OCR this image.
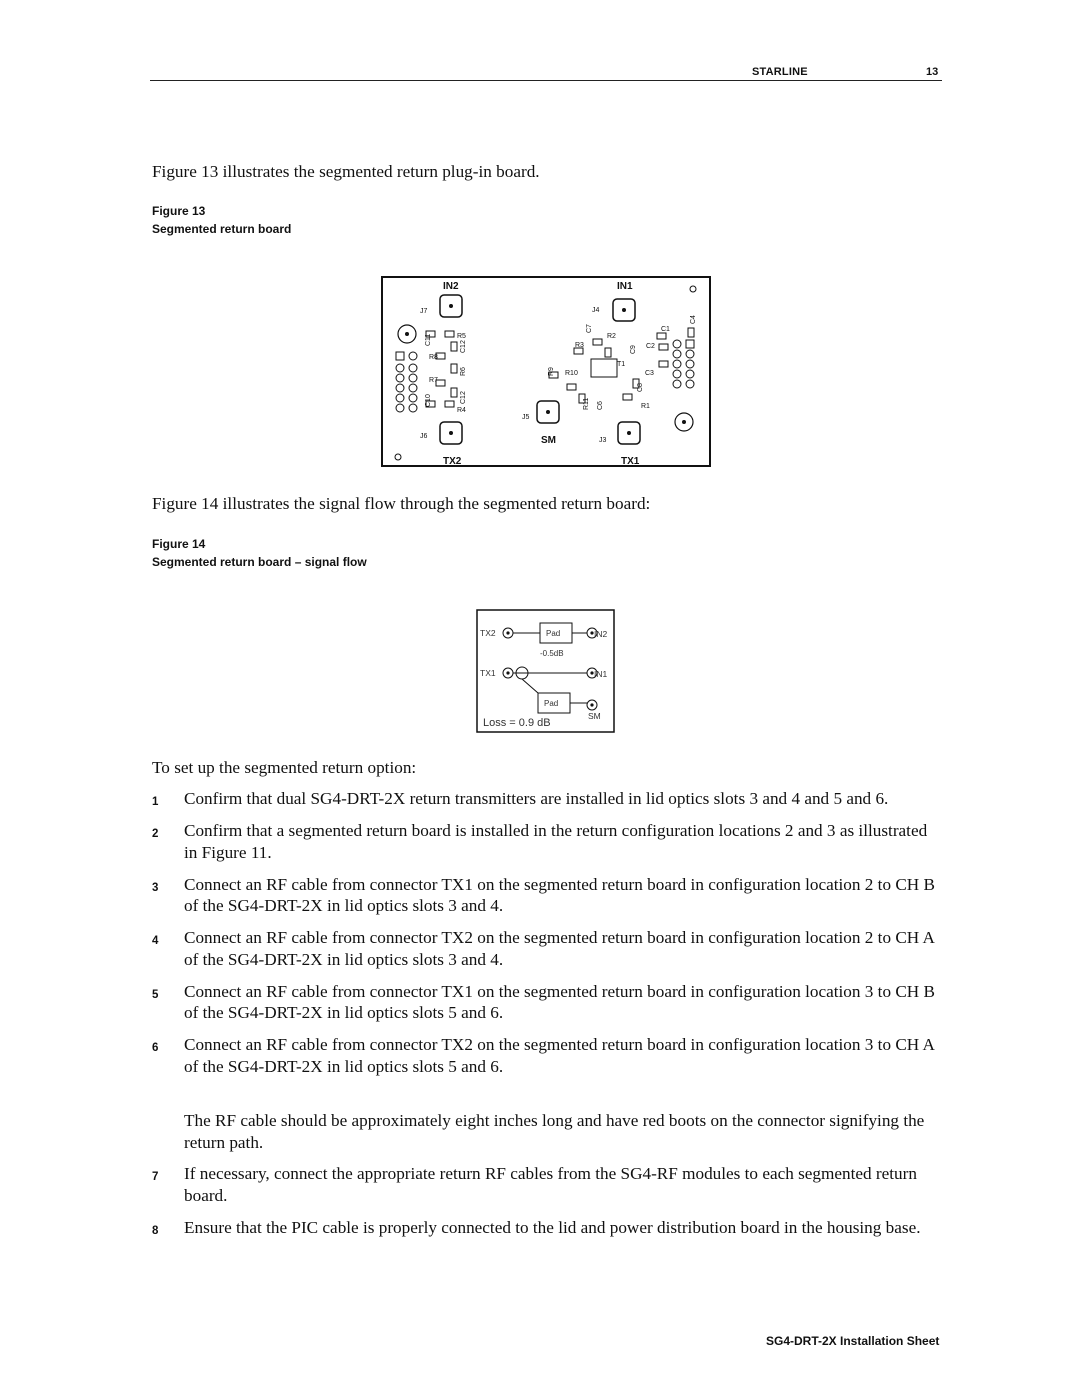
STARLINE	13
Figure 13 illustrates the segmented return plug-in board.
Figure 13
Segmented return board
IN2	IN1
TX2	TX1
SM
J7	J4
J5
J6
J3
R5
R8
R7
R4
R2
R3
T1
R10
R1
C1
C2
C3
C11
C12
R6
C10	C12
C7
C9
R9
R11 C6
C8
C4
Figure 14 illustrates the signal flow through the segmented return board:
Figure 14
Segmented return board – signal flow
TX2	IN2
TX1	IN1
SM
Pad
Pad
-0.5dB
Loss = 0.9 dB
To set up the segmented return option:
1 Confirm that dual SG4-DRT-2X return transmitters are installed in lid optics slots 3 and 4 and 5 and 6.
2 Confirm that a segmented return board is installed in the return configuration locations 2 and 3 as illustrated in Figure 11.
3 Connect an RF cable from connector TX1 on the segmented return board in configuration location 2 to CH B of the SG4-DRT-2X in lid optics slots 3 and 4.
4 Connect an RF cable from connector TX2 on the segmented return board in configuration location 2 to CH A of the SG4-DRT-2X in lid optics slots 3 and 4.
5 Connect an RF cable from connector TX1 on the segmented return board in configuration location 3 to CH B of the SG4-DRT-2X in lid optics slots 5 and 6.
6 Connect an RF cable from connector TX2 on the segmented return board in configuration location 3 to CH A of the SG4-DRT-2X in lid optics slots 5 and 6.
The RF cable should be approximately eight inches long and have red boots on the connector signifying the return path.
7 If necessary, connect the appropriate return RF cables from the SG4-RF modules to each segmented return board.
8 Ensure that the PIC cable is properly connected to the lid and power distribution board in the housing base.
SG4-DRT-2X Installation Sheet
